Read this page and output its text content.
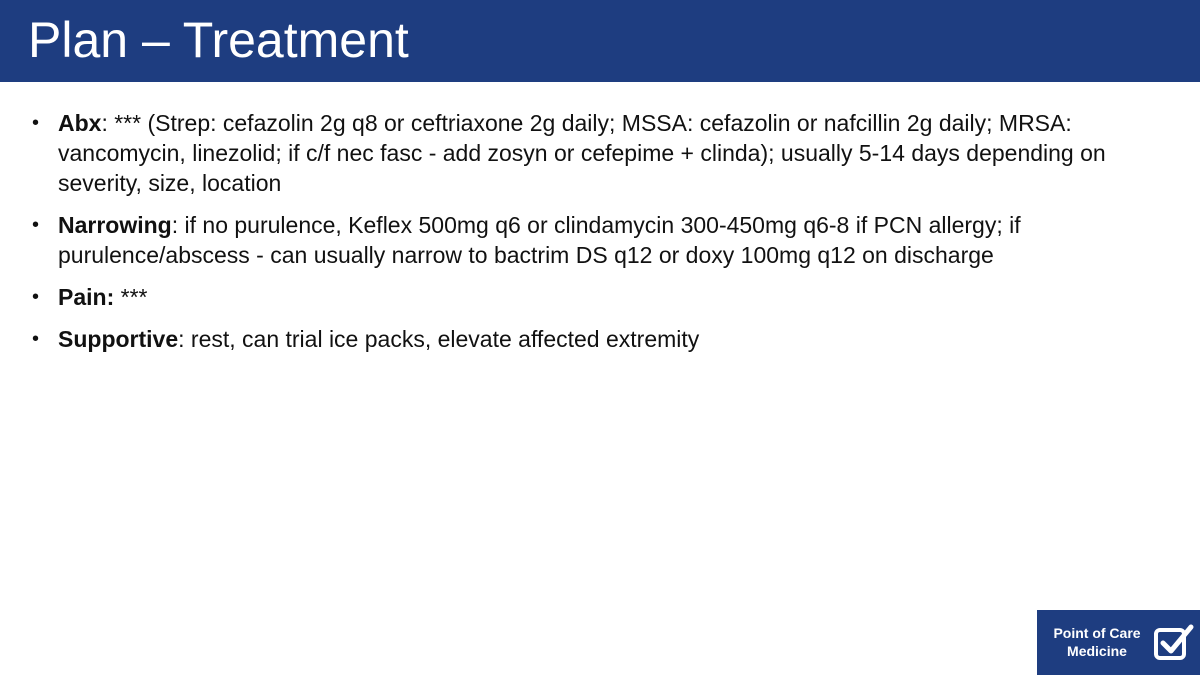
Plan – Treatment
• Abx: *** (Strep: cefazolin 2g q8 or ceftriaxone 2g daily; MSSA: cefazolin or nafcillin 2g daily; MRSA: vancomycin, linezolid; if c/f nec fasc - add zosyn or cefepime + clinda); usually 5-14 days depending on severity, size, location
• Narrowing: if no purulence, Keflex 500mg q6 or clindamycin 300-450mg q6-8 if PCN allergy; if purulence/abscess - can usually narrow to bactrim DS q12 or doxy 100mg q12 on discharge
• Pain: ***
• Supportive: rest, can trial ice packs, elevate affected extremity
Point of Care
Medicine
